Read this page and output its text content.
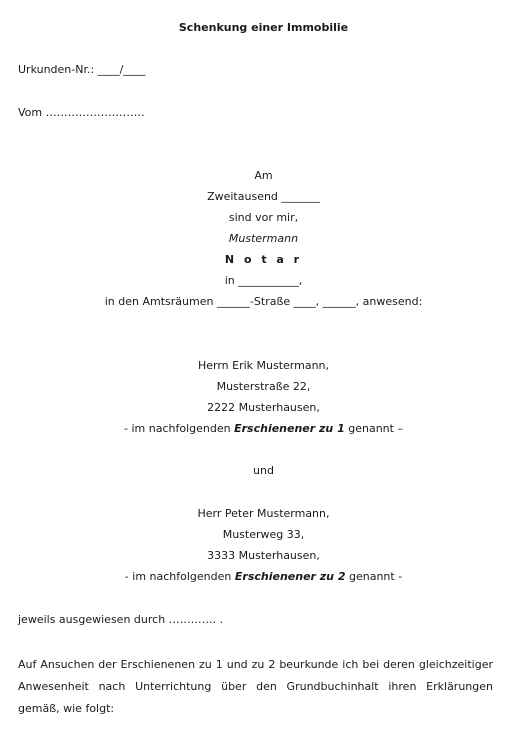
Schenkung einer Immobilie
Urkunden-Nr.: ____/____
Vom ………………………
Am
Zweitausend _______
sind vor mir,
Mustermann
N o t a r
in ___________,
in den Amtsräumen ______-Straße ____, ______, anwesend:
Herrn Erik Mustermann,
Musterstraße 22,
2222 Musterhausen,
- im nachfolgenden Erschienener zu 1 genannt –
und
Herr Peter Mustermann,
Musterweg 33,
3333 Musterhausen,
- im nachfolgenden Erschienener zu 2 genannt -
jeweils ausgewiesen durch …………. .
Auf Ansuchen der Erschienenen zu 1 und zu 2 beurkunde ich bei deren gleichzeitiger Anwesenheit nach Unterrichtung über den Grundbuchinhalt ihren Erklärungen gemäß, wie folgt:
